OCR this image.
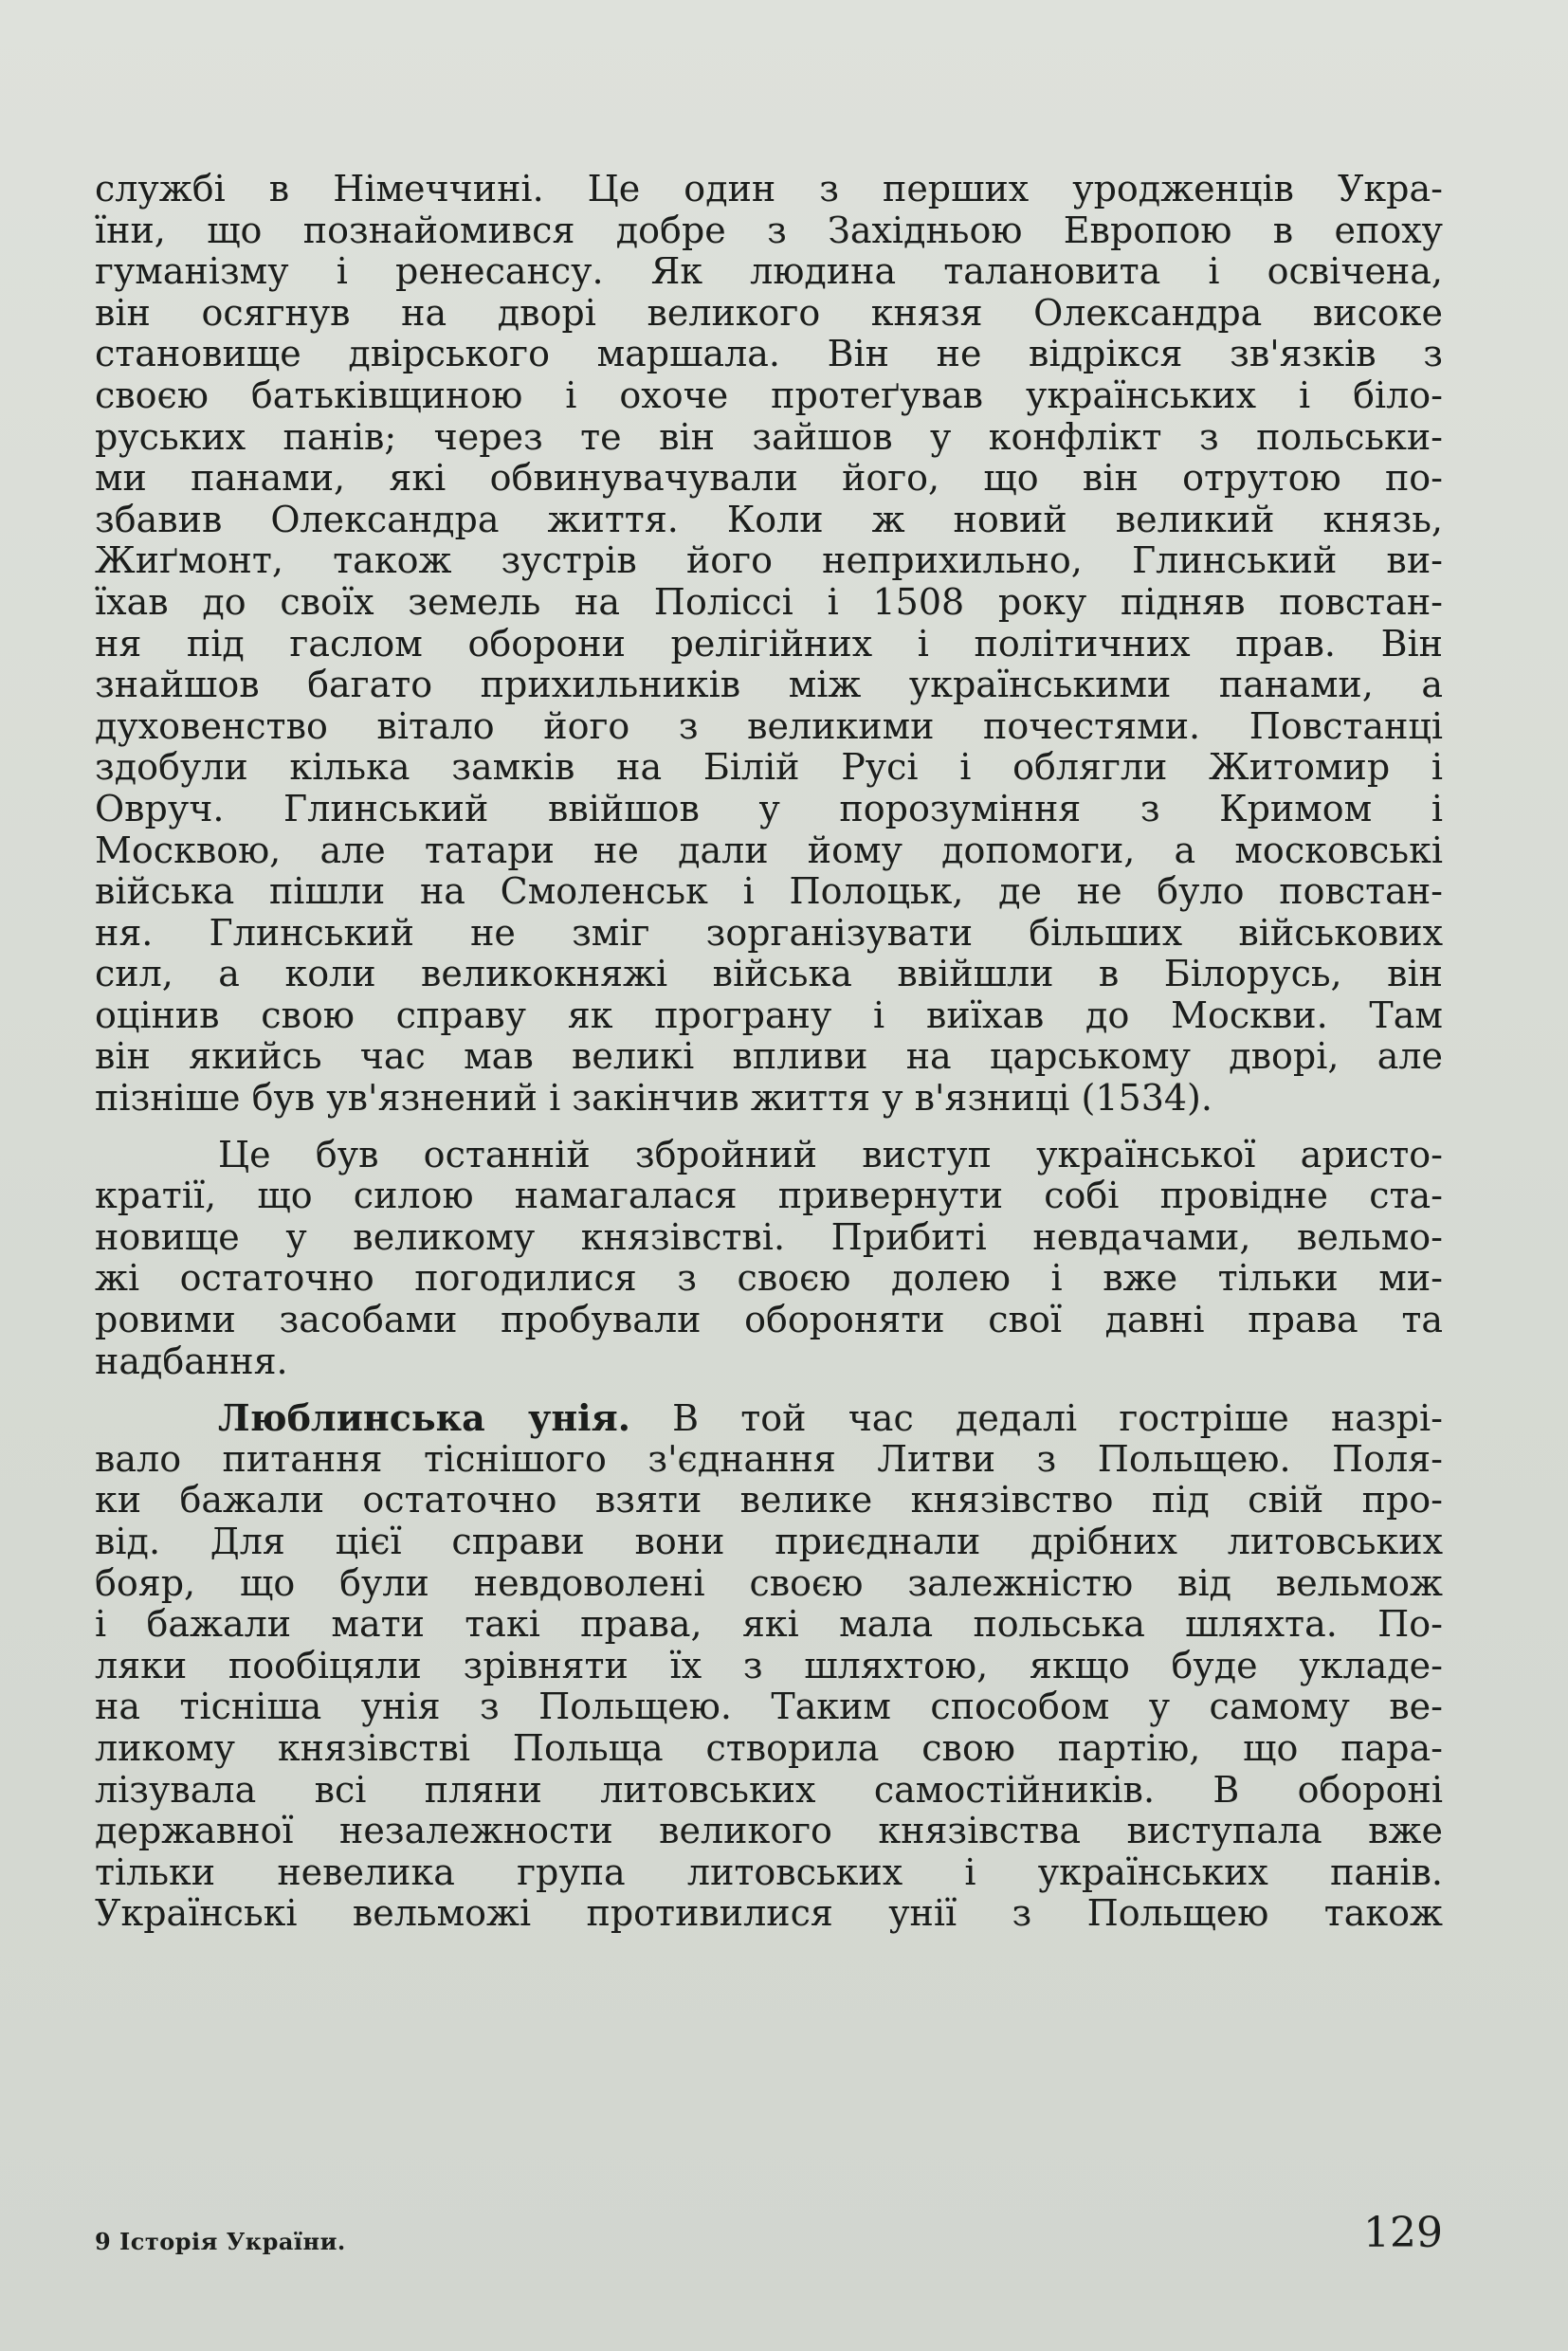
службі в Німеччині. Це один з перших уродженців Укра-
їни, що познайомився добре з Західньою Европою в епоху
гуманізму і ренесансу. Як людина талановита і освічена,
він осягнув на дворі великого князя Олександра високе
становище двірського маршала. Він не відрікся зв'язків з
своєю батьківщиною і охоче протеґував українських і біло-
руських панів; через те він зайшов у конфлікт з польськи-
ми панами, які обвинувачували його, що він отрутою по-
збавив Олександра життя. Коли ж новий великий князь,
Жиґмонт, також зустрів його неприхильно, Глинський ви-
їхав до своїх земель на Поліссі і 1508 року підняв повстан-
ня під гаслом оборони релігійних і політичних прав. Він
знайшов багато прихильників між українськими панами, а
духовенство вітало його з великими почестями. Повстанці
здобули кілька замків на Білій Русі і облягли Житомир і
Овруч. Глинський ввійшов у порозуміння з Кримом і
Москвою, але татари не дали йому допомоги, а московські
війська пішли на Смоленськ і Полоцьк, де не було повстан-
ня. Глинський не зміг зорганізувати більших військових
сил, а коли великокняжі війська ввійшли в Білорусь, він
оцінив свою справу як програну і виїхав до Москви. Там
він якийсь час мав великі впливи на царському дворі, але
пізніше був ув'язнений і закінчив життя у в'язниці (1534).
Це був останній збройний виступ української аристо-
кратії, що силою намагалася привернути собі провідне ста-
новище у великому князівстві. Прибиті невдачами, вельмо-
жі остаточно погодилися з своєю долею і вже тільки ми-
ровими засобами пробували обороняти свої давні права та
надбання.
Люблинська унія. В той час дедалі гостріше назрі-
вало питання тіснішого з'єднання Литви з Польщею. Поля-
ки бажали остаточно взяти велике князівство під свій про-
від. Для цієї справи вони приєднали дрібних литовських
бояр, що були невдоволені своєю залежністю від вельмож
і бажали мати такі права, які мала польська шляхта. По-
ляки пообіцяли зрівняти їх з шляхтою, якщо буде укладе-
на тісніша унія з Польщею. Таким способом у самому ве-
ликому князівстві Польща створила свою партію, що пара-
лізувала всі пляни литовських самостійників. В обороні
державної незалежности великого князівства виступала вже
тільки невелика група литовських і українських панів.
Українські вельможі противилися унії з Польщею також
9 Історія України.	129
